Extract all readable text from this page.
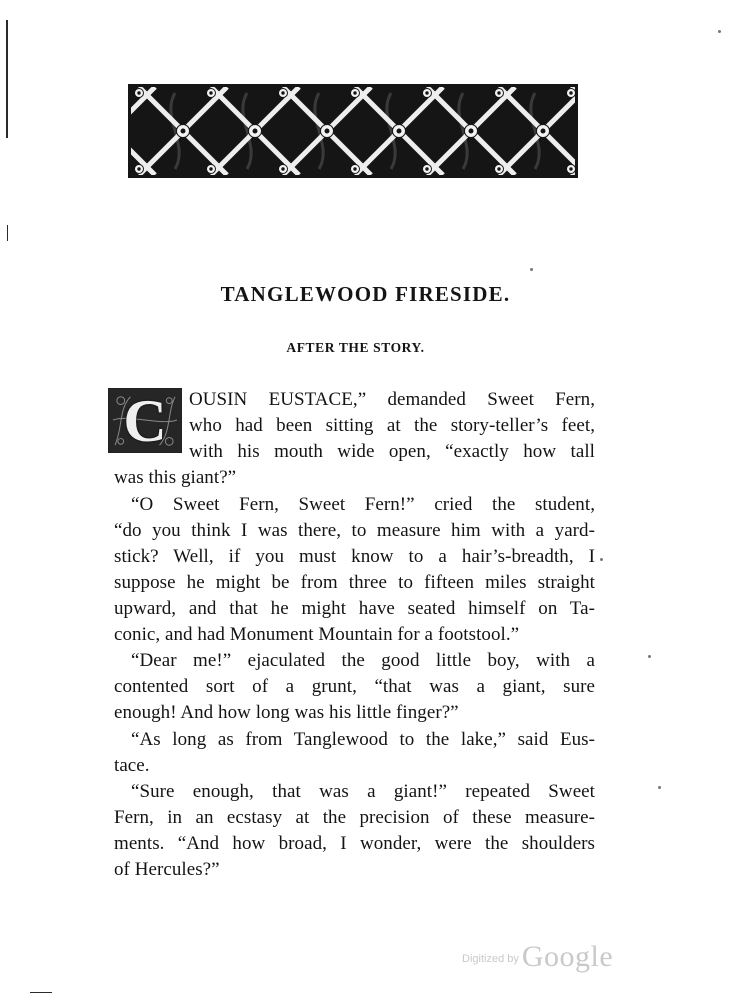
TANGLEWOOD FIRESIDE.
AFTER THE STORY.
C	OUSIN EUSTACE,” demanded Sweet Fern,
who had been sitting at the story-teller’s feet,
with his mouth wide open, “exactly how tall
was this giant?”
“O Sweet Fern, Sweet Fern!” cried the student,
“do you think I was there, to measure him with a yard-
stick? Well, if you must know to a hair’s-breadth, I
suppose he might be from three to fifteen miles straight
upward, and that he might have seated himself on Ta-
conic, and had Monument Mountain for a footstool.”
“Dear me!” ejaculated the good little boy, with a
contented sort of a grunt, “that was a giant, sure
enough! And how long was his little finger?”
“As long as from Tanglewood to the lake,” said Eus-
tace.
“Sure enough, that was a giant!” repeated Sweet
Fern, in an ecstasy at the precision of these measure-
ments. “And how broad, I wonder, were the shoulders
of Hercules?”
$^{Digitized by}$ Google
